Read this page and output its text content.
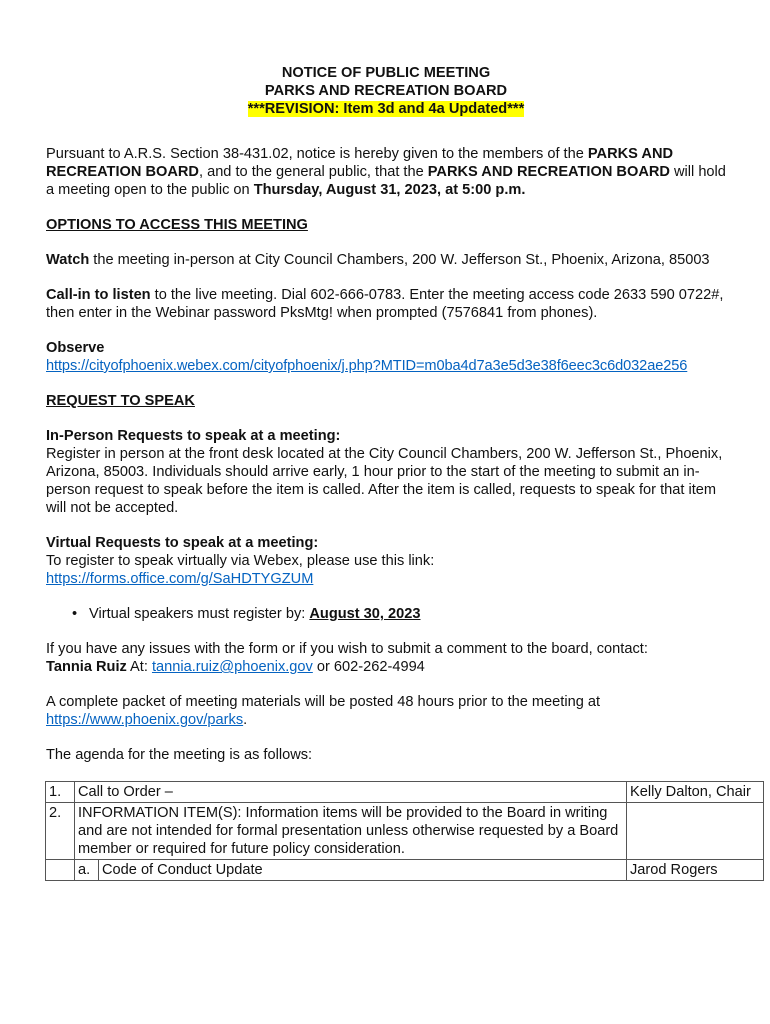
NOTICE OF PUBLIC MEETING

PARKS AND RECREATION BOARD

***REVISION: Item 3d and 4a Updated***

Pursuant to A.R.S. Section 38-431.02, notice is hereby given to the members of the PARKS AND RECREATION BOARD, and to the general public, that the PARKS AND RECREATION BOARD will hold a meeting open to the public on Thursday, August 31, 2023, at 5:00 p.m.

OPTIONS TO ACCESS THIS MEETING

Watch the meeting in-person at City Council Chambers, 200 W. Jefferson St., Phoenix, Arizona, 85003

Call-in to listen to the live meeting. Dial 602-666-0783. Enter the meeting access code 2633 590 0722#, then enter in the Webinar password PksMtg! when prompted (7576841 from phones).

Observe

https://cityofphoenix.webex.com/cityofphoenix/j.php?MTID=m0ba4d7a3e5d3e38f6eec3c6d032ae256

REQUEST TO SPEAK

In-Person Requests to speak at a meeting:

Register in person at the front desk located at the City Council Chambers, 200 W. Jefferson St., Phoenix, Arizona, 85003. Individuals should arrive early, 1 hour prior to the start of the meeting to submit an in-person request to speak before the item is called. After the item is called, requests to speak for that item will not be accepted.

Virtual Requests to speak at a meeting:

To register to speak virtually via Webex, please use this link:

https://forms.office.com/g/SaHDTYGZUM

• Virtual speakers must register by: August 30, 2023

If you have any issues with the form or if you wish to submit a comment to the board, contact:

Tannia Ruiz At: tannia.ruiz@phoenix.gov or 602-262-4994

A complete packet of meeting materials will be posted 48 hours prior to the meeting at

https://www.phoenix.gov/parks.

The agenda for the meeting is as follows:

1.	Call to Order –		Kelly Dalton, Chair
2.	INFORMATION ITEM(S): Information items will be provided to the Board in writing and are not intended for formal presentation unless otherwise requested by a Board member or required for future policy consideration.		
	a.	Code of Conduct Update	Jarod Rogers
